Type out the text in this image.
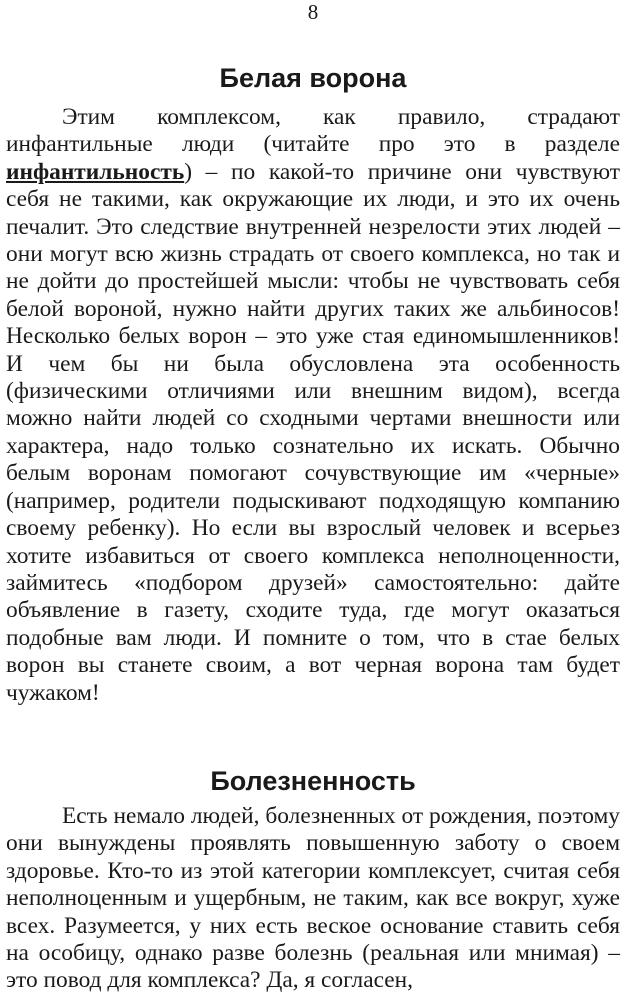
8
Белая ворона

Этим комплексом, как правило, страдают инфантильные люди (читайте про это в разделе инфантильность) – по какой-то причине они чувствуют себя не такими, как окружающие их люди, и это их очень печалит. Это следствие внутренней незрелости этих людей – они могут всю жизнь страдать от своего комплекса, но так и не дойти до простейшей мысли: чтобы не чувствовать себя белой вороной, нужно найти других таких же альбиносов! Несколько белых ворон – это уже стая единомышленников! И чем бы ни была обусловлена эта особенность (физическими отличиями или внешним видом), всегда можно найти людей со сходными чертами внешности или характера, надо только сознательно их искать. Обычно белым воронам помогают сочувствующие им «черные» (например, родители подыскивают подходящую компанию своему ребенку). Но если вы взрослый человек и всерьез хотите избавиться от своего комплекса неполноценности, займитесь «подбором друзей» самостоятельно: дайте объявление в газету, сходите туда, где могут оказаться подобные вам люди. И помните о том, что в стае белых ворон вы станете своим, а вот черная ворона там будет чужаком!

Болезненность

Есть немало людей, болезненных от рождения, поэтому они вынуждены проявлять повышенную заботу о своем здоровье. Кто-то из этой категории комплексует, считая себя неполноценным и ущербным, не таким, как все вокруг, хуже всех. Разумеется, у них есть веское основание ставить себя на особицу, однако разве болезнь (реальная или мнимая) – это повод для комплекса? Да, я согласен,
